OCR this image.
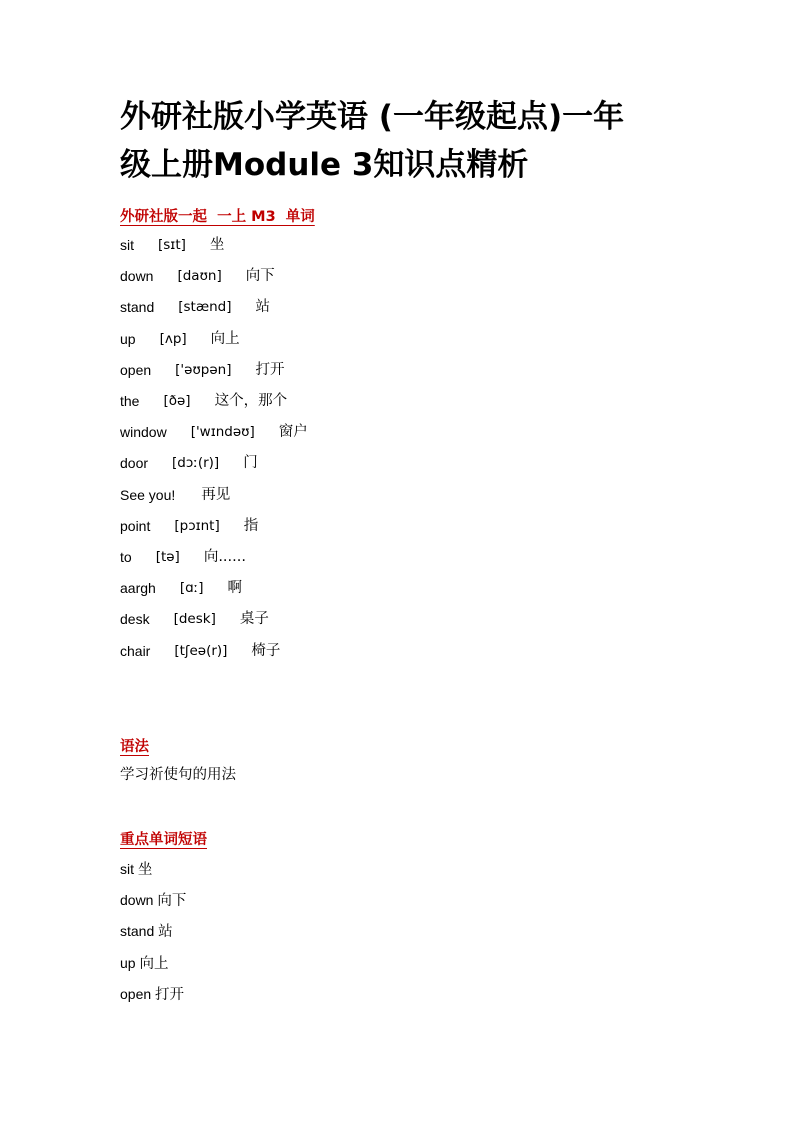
外研社版小学英语 (一年级起点)一年
级上册Module 3知识点精析
外研社版一起  一上 M3  单词
sit [sɪt] 坐
down [daʊn] 向下
stand [stænd] 站
up [ʌp] 向上
open ['əʊpən] 打开
the [ðə] 这个，那个
window ['wɪndəʊ] 窗户
door [dɔː(r)] 门
See you! 再见
point [pɔɪnt] 指
to [tə] 向......
aargh [ɑː] 啊
desk [desk] 桌子
chair [tʃeə(r)] 椅子
语法
学习祈使句的用法
重点单词短语
sit 坐
down 向下
stand 站
up 向上
open 打开
